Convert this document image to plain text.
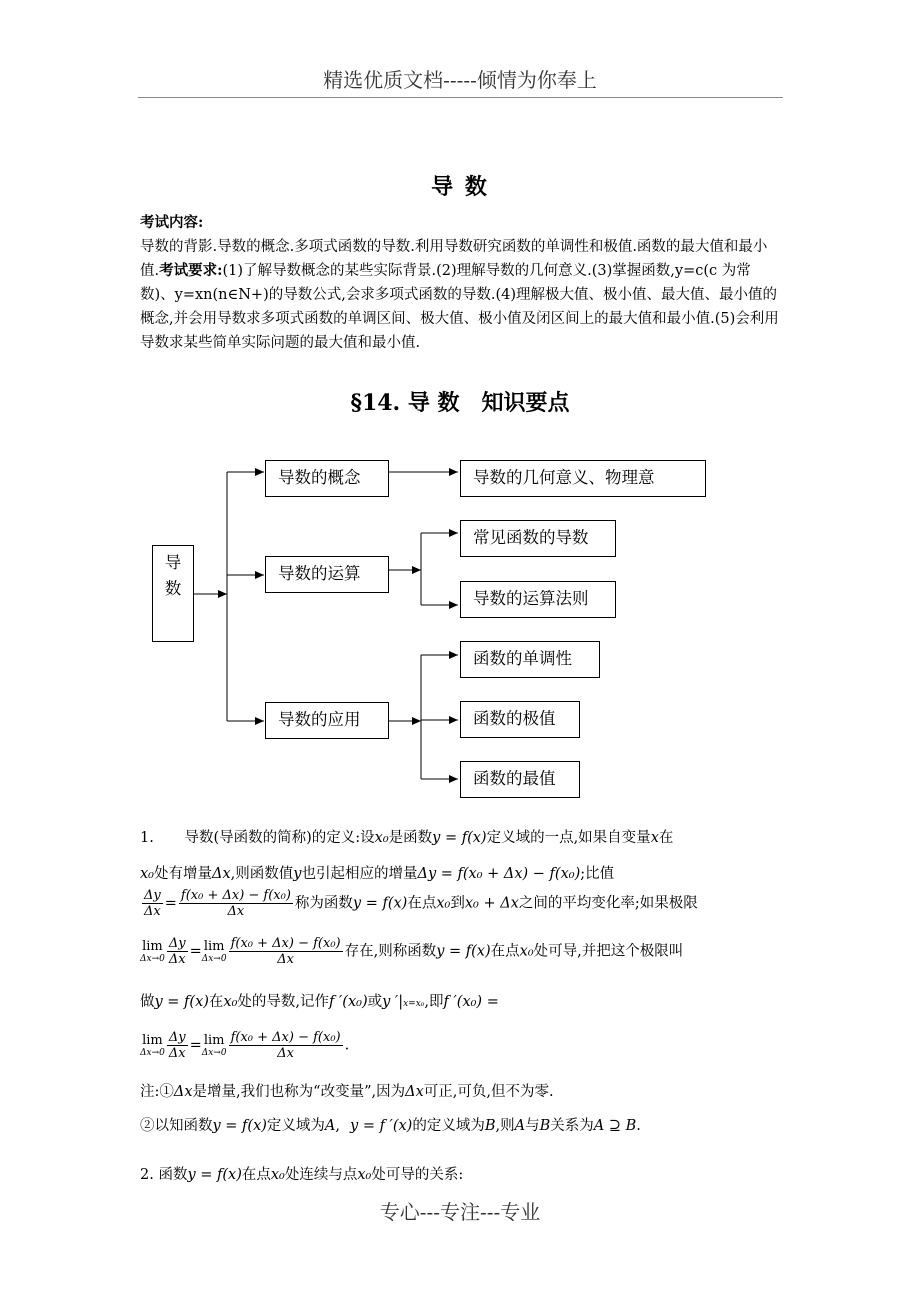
精选优质文档-----倾情为你奉上
导 数

考试内容:

导数的背影.导数的概念.多项式函数的导数.利用导数研究函数的单调性和极值.函数的最大值和最小值.考试要求:(1)了解导数概念的某些实际背景.(2)理解导数的几何意义.(3)掌握函数,y=c(c 为常数)、y=xn(n∈N+)的导数公式,会求多项式函数的导数.(4)理解极大值、极小值、最大值、最小值的概念,并会用导数求多项式函数的单调区间、极大值、极小值及闭区间上的最大值和最小值.(5)会利用导数求某些简单实际问题的最大值和最小值.

§14. 导 数　知识要点
导
数
导数的概念	导数的几何意义、物理意
导数的运算
常见函数的导数
导数的运算法则
导数的应用
函数的单调性
函数的极值
函数的最值
1. 导数(导函数的简称)的定义:设x₀是函数y = f(x)定义域的一点,如果自变量x在
x₀处有增量Δx,则函数值y也引起相应的增量Δy = f(x₀ + Δx) − f(x₀);比值
$\frac{\Delta y}{\Delta x} = \frac{\text{f(x₀ + Δx) − f(x₀)}}{\Delta x}$ 称为函数y = f(x)在点x₀到x₀ + Δx之间的平均变化率;如果极限
lim
$\Delta x\to 0 \frac{\Delta y}{\Delta x} = \lim$
$\Delta x\to 0 \frac{\text{f(x₀ + Δx) − f(x₀)}}{\Delta x}$ 存在,则称函数y = f(x)在点x₀处可导,并把这个极限叫
做y = f(x)在x₀处的导数,记作f ′(x₀)或y ′|x=x₀,即f ′(x₀) =
lim
$\Delta x\to 0 \frac{\Delta y}{\Delta x} = \lim$
$\Delta x\to 0 \frac{\text{f(x₀ + Δx) − f(x₀)}}{\Delta x}$ .
注:①Δx是增量,我们也称为“改变量”,因为Δx可正,可负,但不为零.
②以知函数y = f(x)定义域为A, y = f ′(x)的定义域为B,则A与B关系为A ⊇ B.
2. 函数y = f(x)在点x₀处连续与点x₀处可导的关系:
专心---专注---专业
